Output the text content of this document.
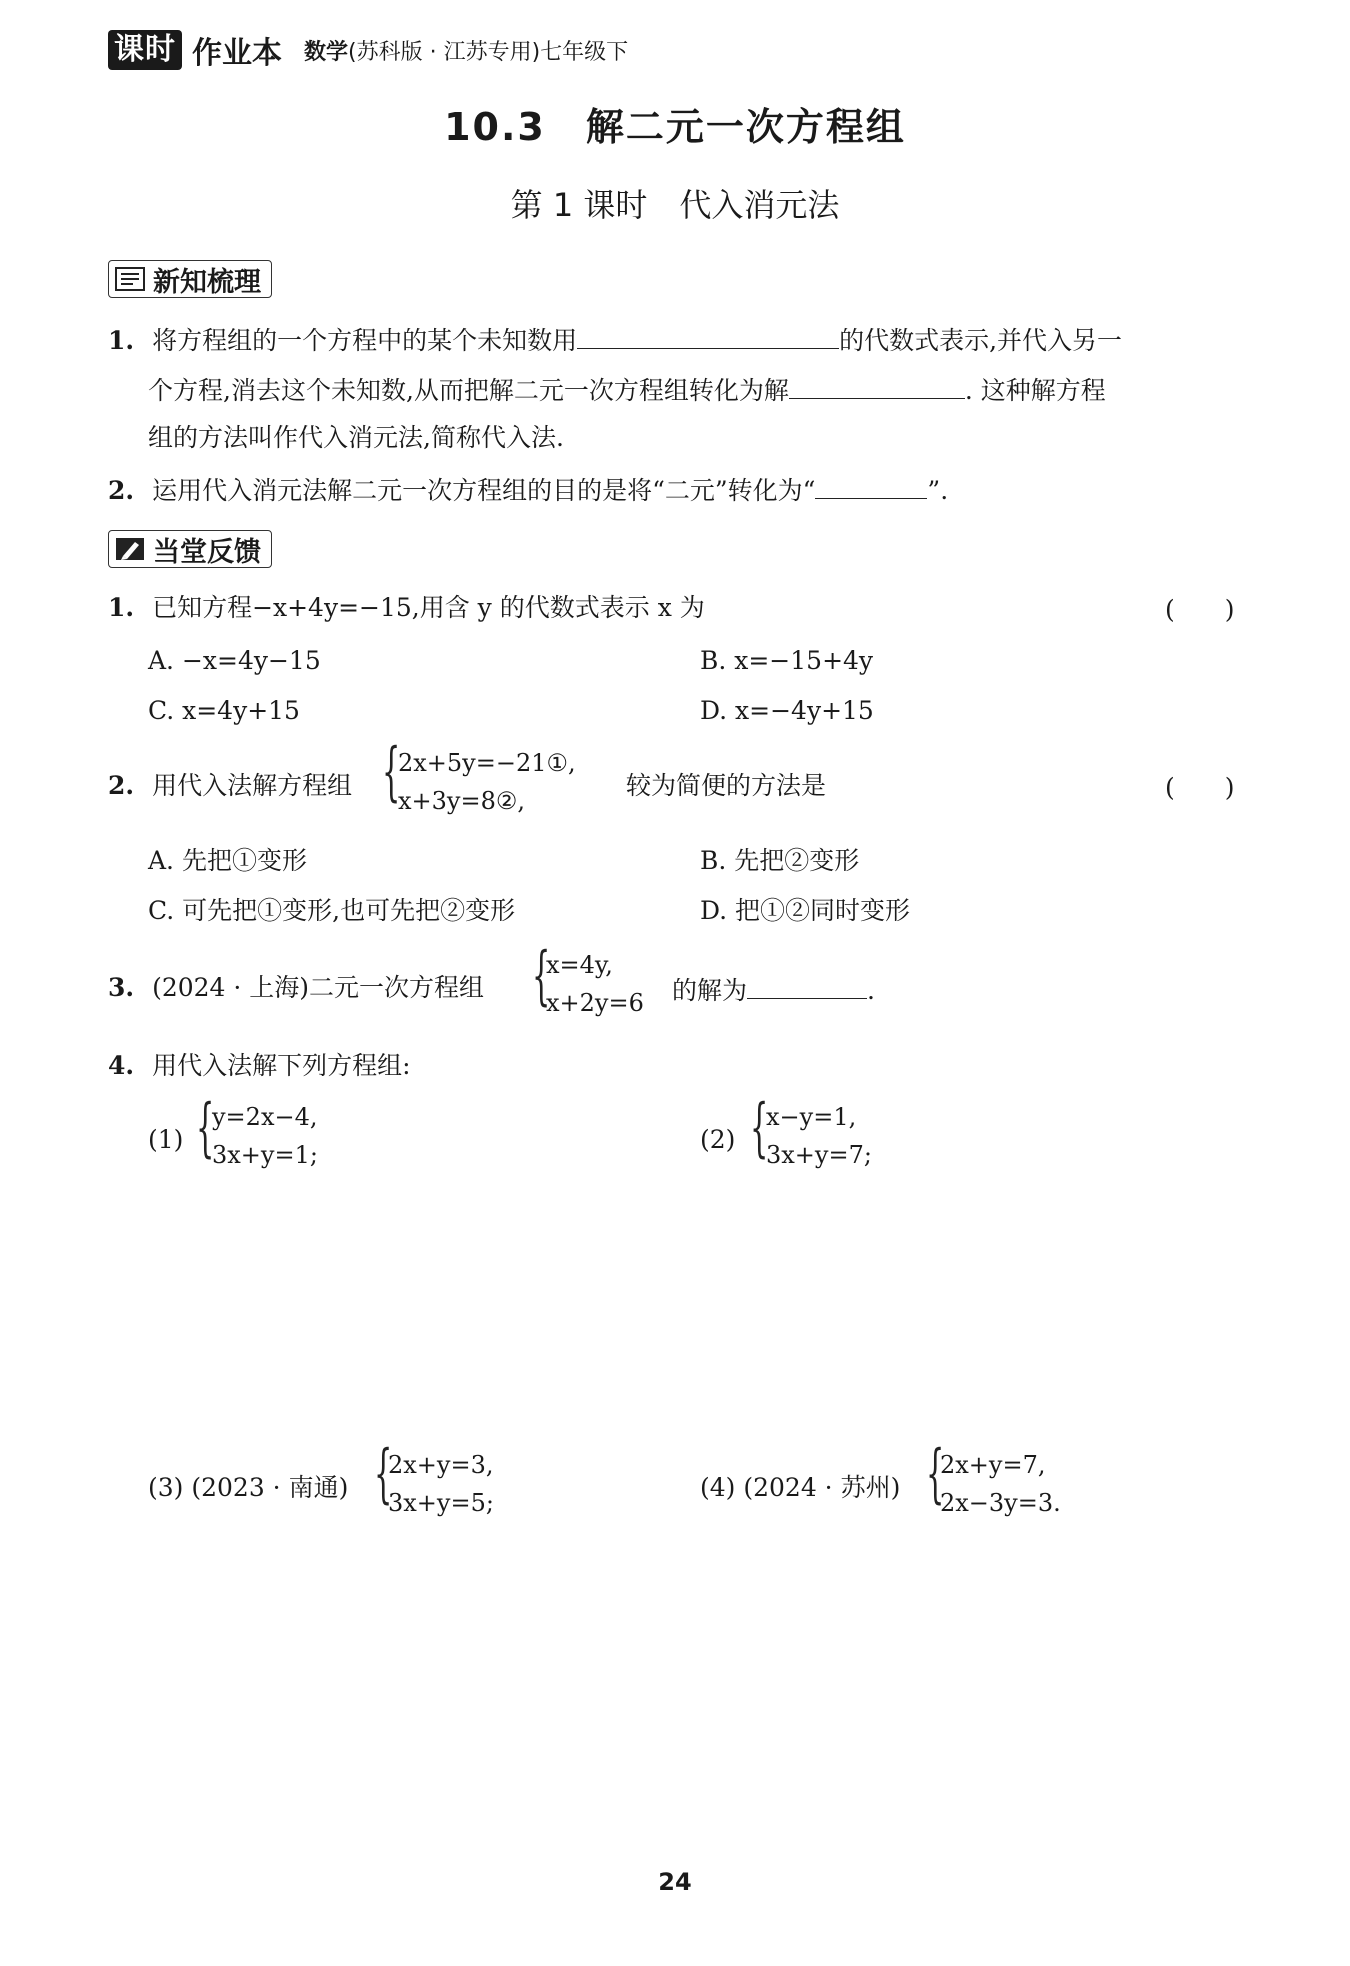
课时 作业本 数学(苏科版 · 江苏专用)七年级下
10.3　解二元一次方程组
第 1 课时　代入消元法
新知梳理
1. 将方程组的一个方程中的某个未知数用	的代数式表示,并代入另一
个方程,消去这个未知数,从而把解二元一次方程组转化为解	. 这种解方程
组的方法叫作代入消元法,简称代入法.
2. 运用代入消元法解二元一次方程组的目的是将“二元”转化为“	”.
当堂反馈
1. 已知方程−x+4y=−15,用含 y 的代数式表示 x 为	(　　)
A. −x=4y−15	B. x=−15+4y
C. x=4y+15	D. x=−4y+15
2. 用代入法解方程组 {
2x+5y=−21①,
x+3y=8②,
较为简便的方法是	(　　)
A. 先把①变形	B. 先把②变形
C. 可先把①变形,也可先把②变形	D. 把①②同时变形
3. (2024 · 上海)二元一次方程组 {
x=4y,
x+2y=6 的解为	.
4. 用代入法解下列方程组:
(1) {
y=2x−4,
3x+y=1;
(2) {
x−y=1,
3x+y=7;
(3) (2023 · 南通) {
2x+y=3,
3x+y=5;
(4) (2024 · 苏州) {
2x+y=7,
2x−3y=3.
24
